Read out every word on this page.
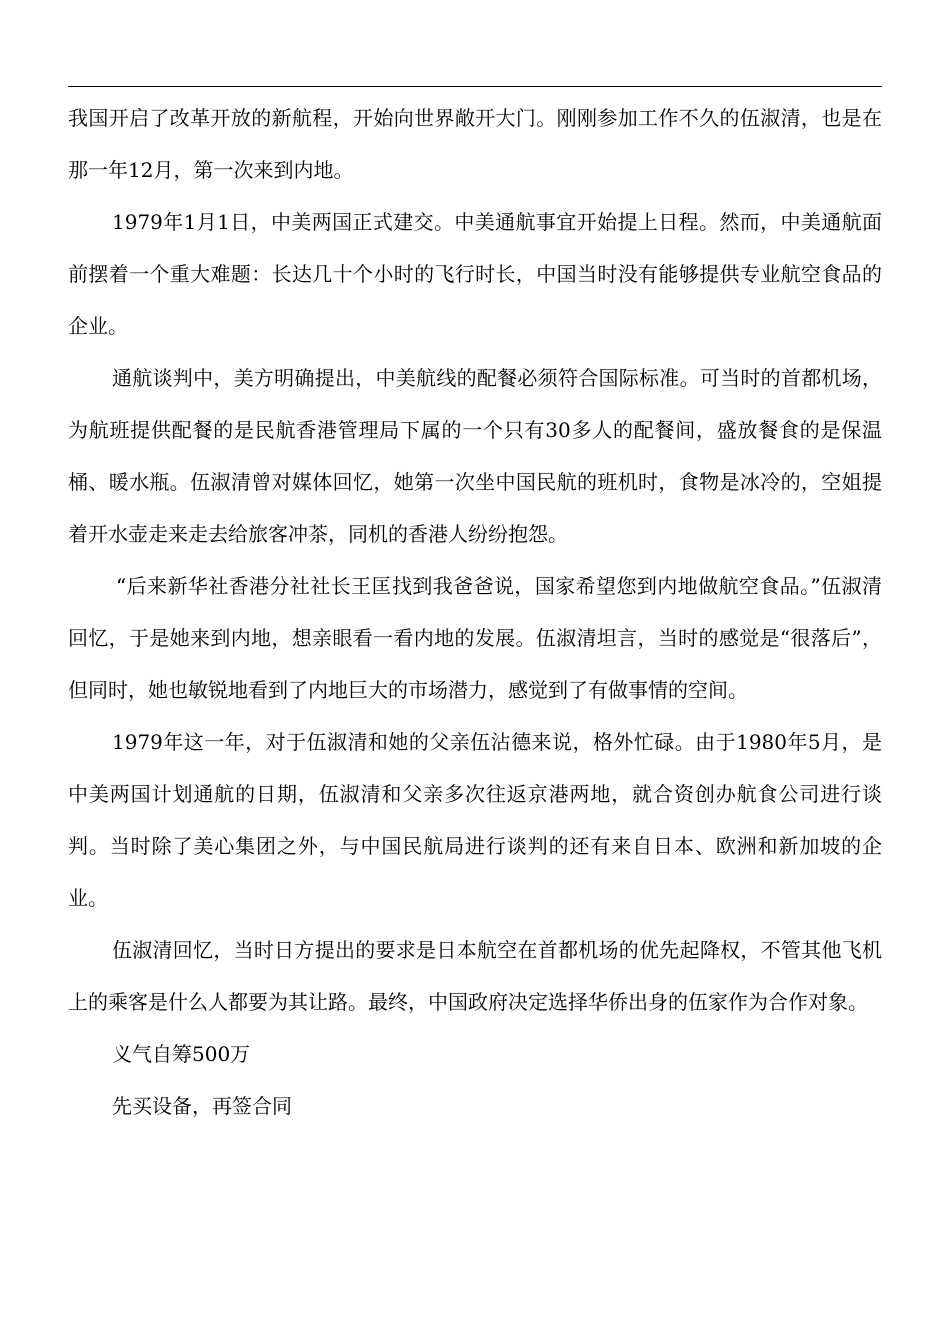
我国开启了改革开放的新航程，开始向世界敞开大门。刚刚参加工作不久的伍淑清，也是在那一年12月，第一次来到内地。

1979年1月1日，中美两国正式建交。中美通航事宜开始提上日程。然而，中美通航面前摆着一个重大难题：长达几十个小时的飞行时长，中国当时没有能够提供专业航空食品的企业。

通航谈判中，美方明确提出，中美航线的配餐必须符合国际标准。可当时的首都机场，为航班提供配餐的是民航香港管理局下属的一个只有30多人的配餐间，盛放餐食的是保温桶、暖水瓶。伍淑清曾对媒体回忆，她第一次坐中国民航的班机时，食物是冰冷的，空姐提着开水壶走来走去给旅客冲茶，同机的香港人纷纷抱怨。

“后来新华社香港分社社长王匡找到我爸爸说，国家希望您到内地做航空食品。”伍淑清回忆，于是她来到内地，想亲眼看一看内地的发展。伍淑清坦言，当时的感觉是“很落后”，但同时，她也敏锐地看到了内地巨大的市场潜力，感觉到了有做事情的空间。

1979年这一年，对于伍淑清和她的父亲伍沾德来说，格外忙碌。由于1980年5月，是中美两国计划通航的日期，伍淑清和父亲多次往返京港两地，就合资创办航食公司进行谈判。当时除了美心集团之外，与中国民航局进行谈判的还有来自日本、欧洲和新加坡的企业。

伍淑清回忆，当时日方提出的要求是日本航空在首都机场的优先起降权，不管其他飞机上的乘客是什么人都要为其让路。最终，中国政府决定选择华侨出身的伍家作为合作对象。

义气自筹500万

先买设备，再签合同
